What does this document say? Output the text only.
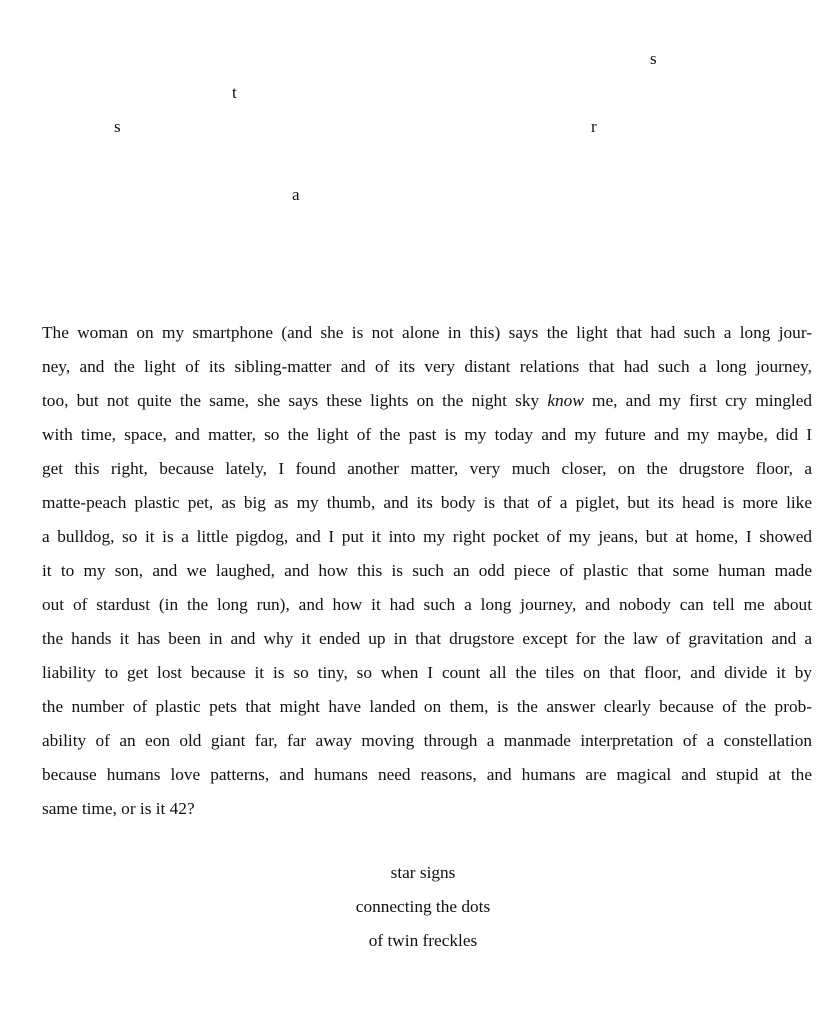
s
t
s	r
a
The woman on my smartphone (and she is not alone in this) says the light that had such a long jour-
ney, and the light of its sibling-matter and of its very distant relations that had such a long journey,
too, but not quite the same, she says these lights on the night sky know me, and my first cry mingled
with time, space, and matter, so the light of the past is my today and my future and my maybe, did I
get this right, because lately, I found another matter, very much closer, on the drugstore floor, a
matte-peach plastic pet, as big as my thumb, and its body is that of a piglet, but its head is more like
a bulldog, so it is a little pigdog, and I put it into my right pocket of my jeans, but at home, I showed
it to my son, and we laughed, and how this is such an odd piece of plastic that some human made
out of stardust (in the long run), and how it had such a long journey, and nobody can tell me about
the hands it has been in and why it ended up in that drugstore except for the law of gravitation and a
liability to get lost because it is so tiny, so when I count all the tiles on that floor, and divide it by
the number of plastic pets that might have landed on them, is the answer clearly because of the prob-
ability of an eon old giant far, far away moving through a manmade interpretation of a constellation
because humans love patterns, and humans need reasons, and humans are magical and stupid at the
same time, or is it 42?
star signs
connecting the dots
of twin freckles
